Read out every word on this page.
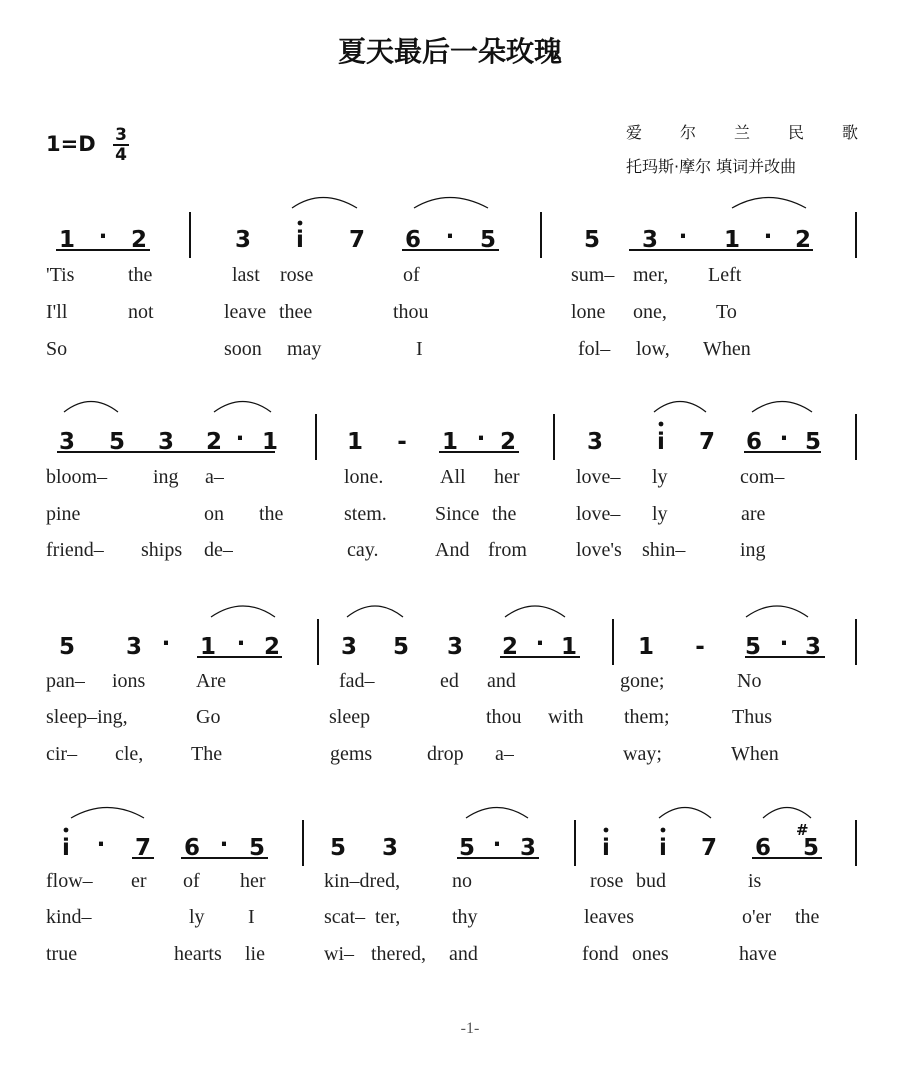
夏天最后一朵玫瑰
1=D 3
4
爱 尔 兰 民 歌
托玛斯·摩尔 填词并改曲
#
1 · 2	3 i 7 6 · 5	5 3 · 1 · 2
3 5 3 2 · 1	1 - 1 · 2	3 i 7 6 · 5
5 3 · 1 · 2	3 5 3 2 · 1	1 - 5 · 3
i · 7 6 · 5	5 3	5 · 3	i i 7 6 5
'Tis	the	last rose	of	sum– mer, Left
I'll	not	leave thee	thou	lone one, To
So	soon may	I	fol– low, When
bloom– ing a–	lone.	All her	love– ly	com–
pine	on the	stem. Since the	love– ly	are
friend– ships de–	cay.	And from love's shin–	ing
pan– ions	Are	fad–	ed and	gone;	No
sleep–ing,	Go	sleep	thou with them;	Thus
cir– cle, The	gems	drop a–	way;	When
flow– er of her	kin–dred,	no	rose bud	is
kind–	ly I	scat– ter,	thy	leaves	o'er the
true	hearts lie	wi– thered, and	fond ones	have
-1-
